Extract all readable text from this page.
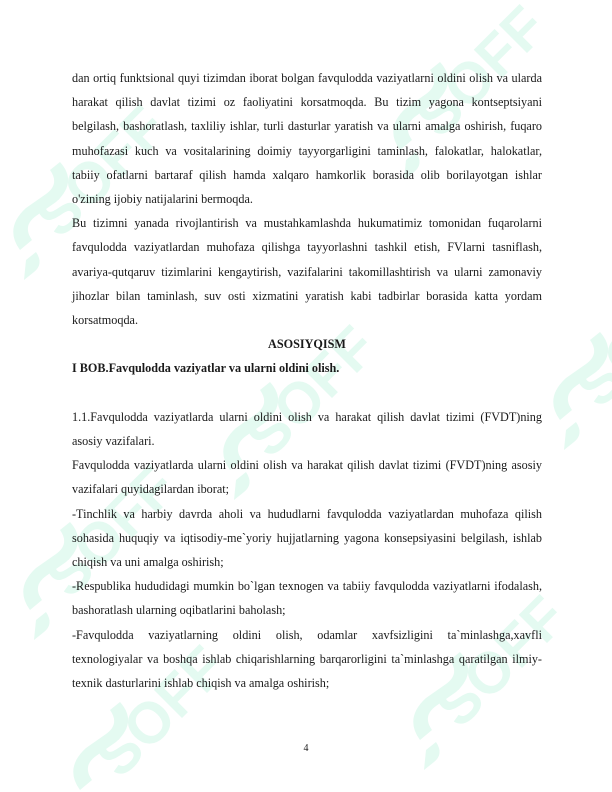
dan ortiq funktsional quyi tizimdan iborat bolgan favqulodda vaziyatlarni oldini olish va ularda harakat qilish davlat tizimi oz faoliyatini korsatmoqda. Bu tizim yagona kontseptsiyani belgilash, bashoratlash, taxliliy ishlar, turli dasturlar yaratish va ularni amalga oshirish, fuqaro muhofazasi kuch va vositalarining doimiy tayyorgarligini taminlash, falokatlar, halokatlar, tabiiy ofatlarni bartaraf qilish hamda xalqaro hamkorlik borasida olib borilayotgan ishlar o'zining ijobiy natijalarini bermoqda.

Bu tizimni yanada rivojlantirish va mustahkamlashda hukumatimiz tomonidan fuqarolarni favqulodda vaziyatlardan muhofaza qilishga tayyorlashni tashkil etish, FVlarni tasniflash, avariya-qutqaruv tizimlarini kengaytirish, vazifalarini takomillashtirish va ularni zamonaviy jihozlar bilan taminlash, suv osti xizmatini yaratish kabi tadbirlar borasida katta yordam korsatmoqda.

ASOSIYQISM

I BOB.Favqulodda vaziyatlar va ularni oldini olish.

1.1.Favqulodda vaziyatlarda ularni oldini olish va harakat qilish davlat tizimi (FVDT)ning asosiy vazifalari.

Favqulodda vaziyatlarda ularni oldini olish va harakat qilish davlat tizimi (FVDT)ning asosiy vazifalari quyidagilardan iborat;

-Tinchlik va harbiy davrda aholi va hududlarni favqulodda vaziyatlardan muhofaza qilish sohasida huquqiy va iqtisodiy-me`yoriy hujjatlarning yagona konsepsiyasini belgilash, ishlab chiqish va uni amalga oshirish;

-Respublika hududidagi mumkin bo`lgan texnogen va tabiiy favqulodda vaziyatlarni ifodalash, bashoratlash ularning oqibatlarini baholash;

-Favqulodda vaziyatlarning oldini olish, odamlar xavfsizligini ta`minlashga,xavfli texnologiyalar va boshqa ishlab chiqarishlarning barqarorligini ta`minlashga qaratilgan ilmiy-texnik dasturlarini ishlab chiqish va amalga oshirish;

4
